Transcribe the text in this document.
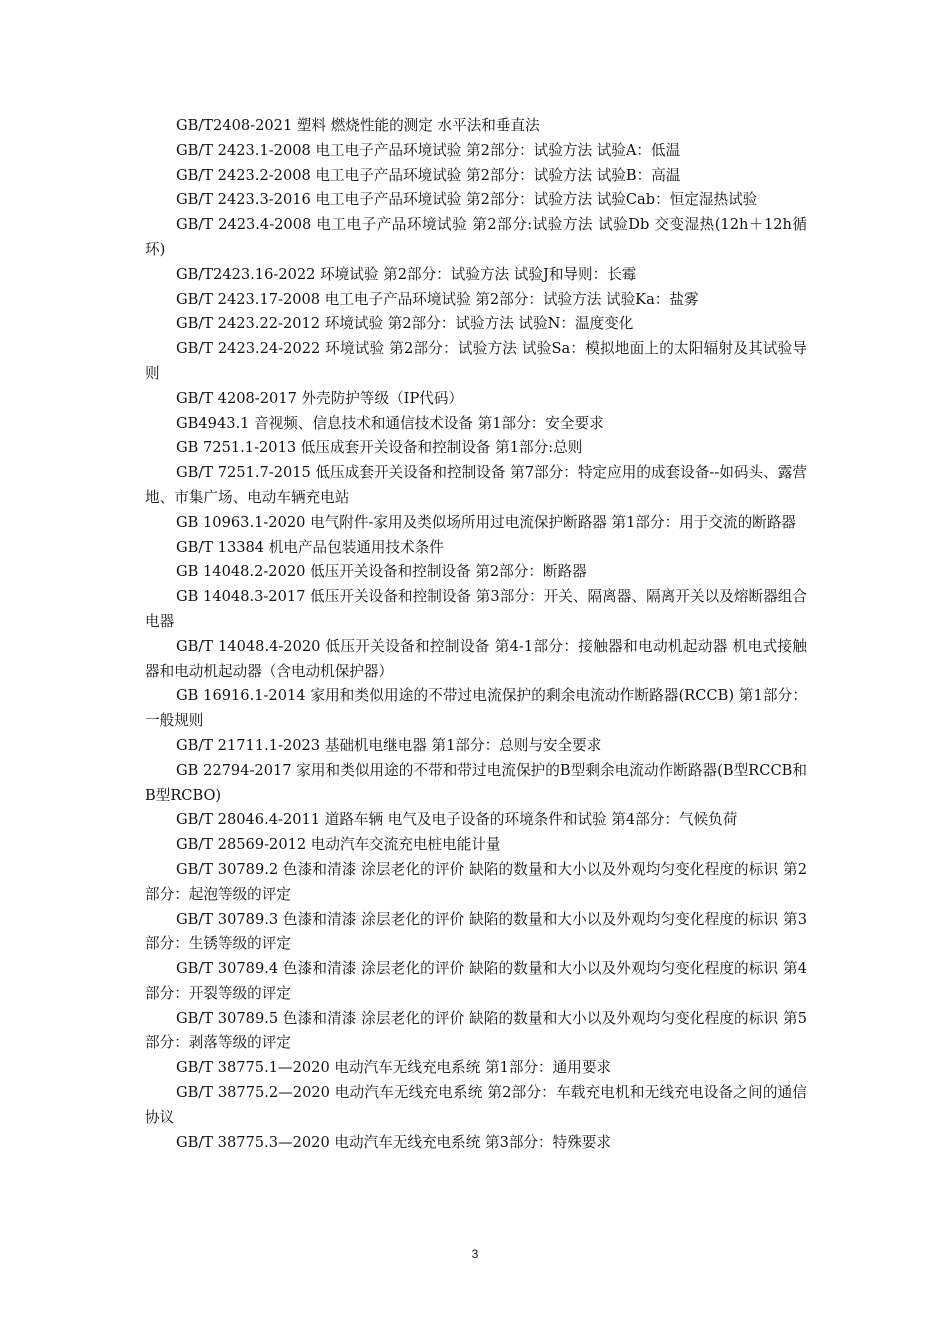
GB/T2408-2021 塑料 燃烧性能的测定 水平法和垂直法

GB/T 2423.1-2008 电工电子产品环境试验 第2部分：试验方法 试验A：低温

GB/T 2423.2-2008 电工电子产品环境试验 第2部分：试验方法 试验B：高温

GB/T 2423.3-2016 电工电子产品环境试验 第2部分：试验方法 试验Cab：恒定湿热试验

GB/T 2423.4-2008 电工电子产品环境试验 第2部分:试验方法 试验Db 交变湿热(12h＋12h循环)

GB/T2423.16-2022 环境试验 第2部分：试验方法 试验J和导则：长霉

GB/T 2423.17-2008 电工电子产品环境试验 第2部分：试验方法 试验Ka：盐雾

GB/T 2423.22-2012 环境试验 第2部分：试验方法 试验N：温度变化

GB/T 2423.24-2022 环境试验 第2部分：试验方法 试验Sa：模拟地面上的太阳辐射及其试验导则

GB/T 4208-2017 外壳防护等级（IP代码）

GB4943.1 音视频、信息技术和通信技术设备 第1部分：安全要求

GB 7251.1-2013 低压成套开关设备和控制设备 第1部分:总则

GB/T 7251.7-2015 低压成套开关设备和控制设备 第7部分：特定应用的成套设备--如码头、露营地、市集广场、电动车辆充电站

GB 10963.1-2020 电气附件-家用及类似场所用过电流保护断路器 第1部分：用于交流的断路器

GB/T 13384 机电产品包装通用技术条件

GB 14048.2-2020 低压开关设备和控制设备 第2部分：断路器

GB 14048.3-2017 低压开关设备和控制设备 第3部分：开关、隔离器、隔离开关以及熔断器组合电器

GB/T 14048.4-2020 低压开关设备和控制设备 第4-1部分：接触器和电动机起动器 机电式接触器和电动机起动器（含电动机保护器）

GB 16916.1-2014 家用和类似用途的不带过电流保护的剩余电流动作断路器(RCCB) 第1部分：一般规则

GB/T 21711.1-2023 基础机电继电器 第1部分：总则与安全要求

GB 22794-2017 家用和类似用途的不带和带过电流保护的B型剩余电流动作断路器(B型RCCB和B型RCBO)

GB/T 28046.4-2011 道路车辆 电气及电子设备的环境条件和试验 第4部分：气候负荷

GB/T 28569-2012 电动汽车交流充电桩电能计量

GB/T 30789.2 色漆和清漆 涂层老化的评价 缺陷的数量和大小以及外观均匀变化程度的标识 第2部分：起泡等级的评定

GB/T 30789.3 色漆和清漆 涂层老化的评价 缺陷的数量和大小以及外观均匀变化程度的标识 第3部分：生锈等级的评定

GB/T 30789.4 色漆和清漆 涂层老化的评价 缺陷的数量和大小以及外观均匀变化程度的标识 第4部分：开裂等级的评定

GB/T 30789.5 色漆和清漆 涂层老化的评价 缺陷的数量和大小以及外观均匀变化程度的标识 第5部分：剥落等级的评定

GB/T 38775.1—2020 电动汽车无线充电系统 第1部分：通用要求

GB/T 38775.2—2020 电动汽车无线充电系统 第2部分：车载充电机和无线充电设备之间的通信协议

GB/T 38775.3—2020 电动汽车无线充电系统 第3部分：特殊要求

3
